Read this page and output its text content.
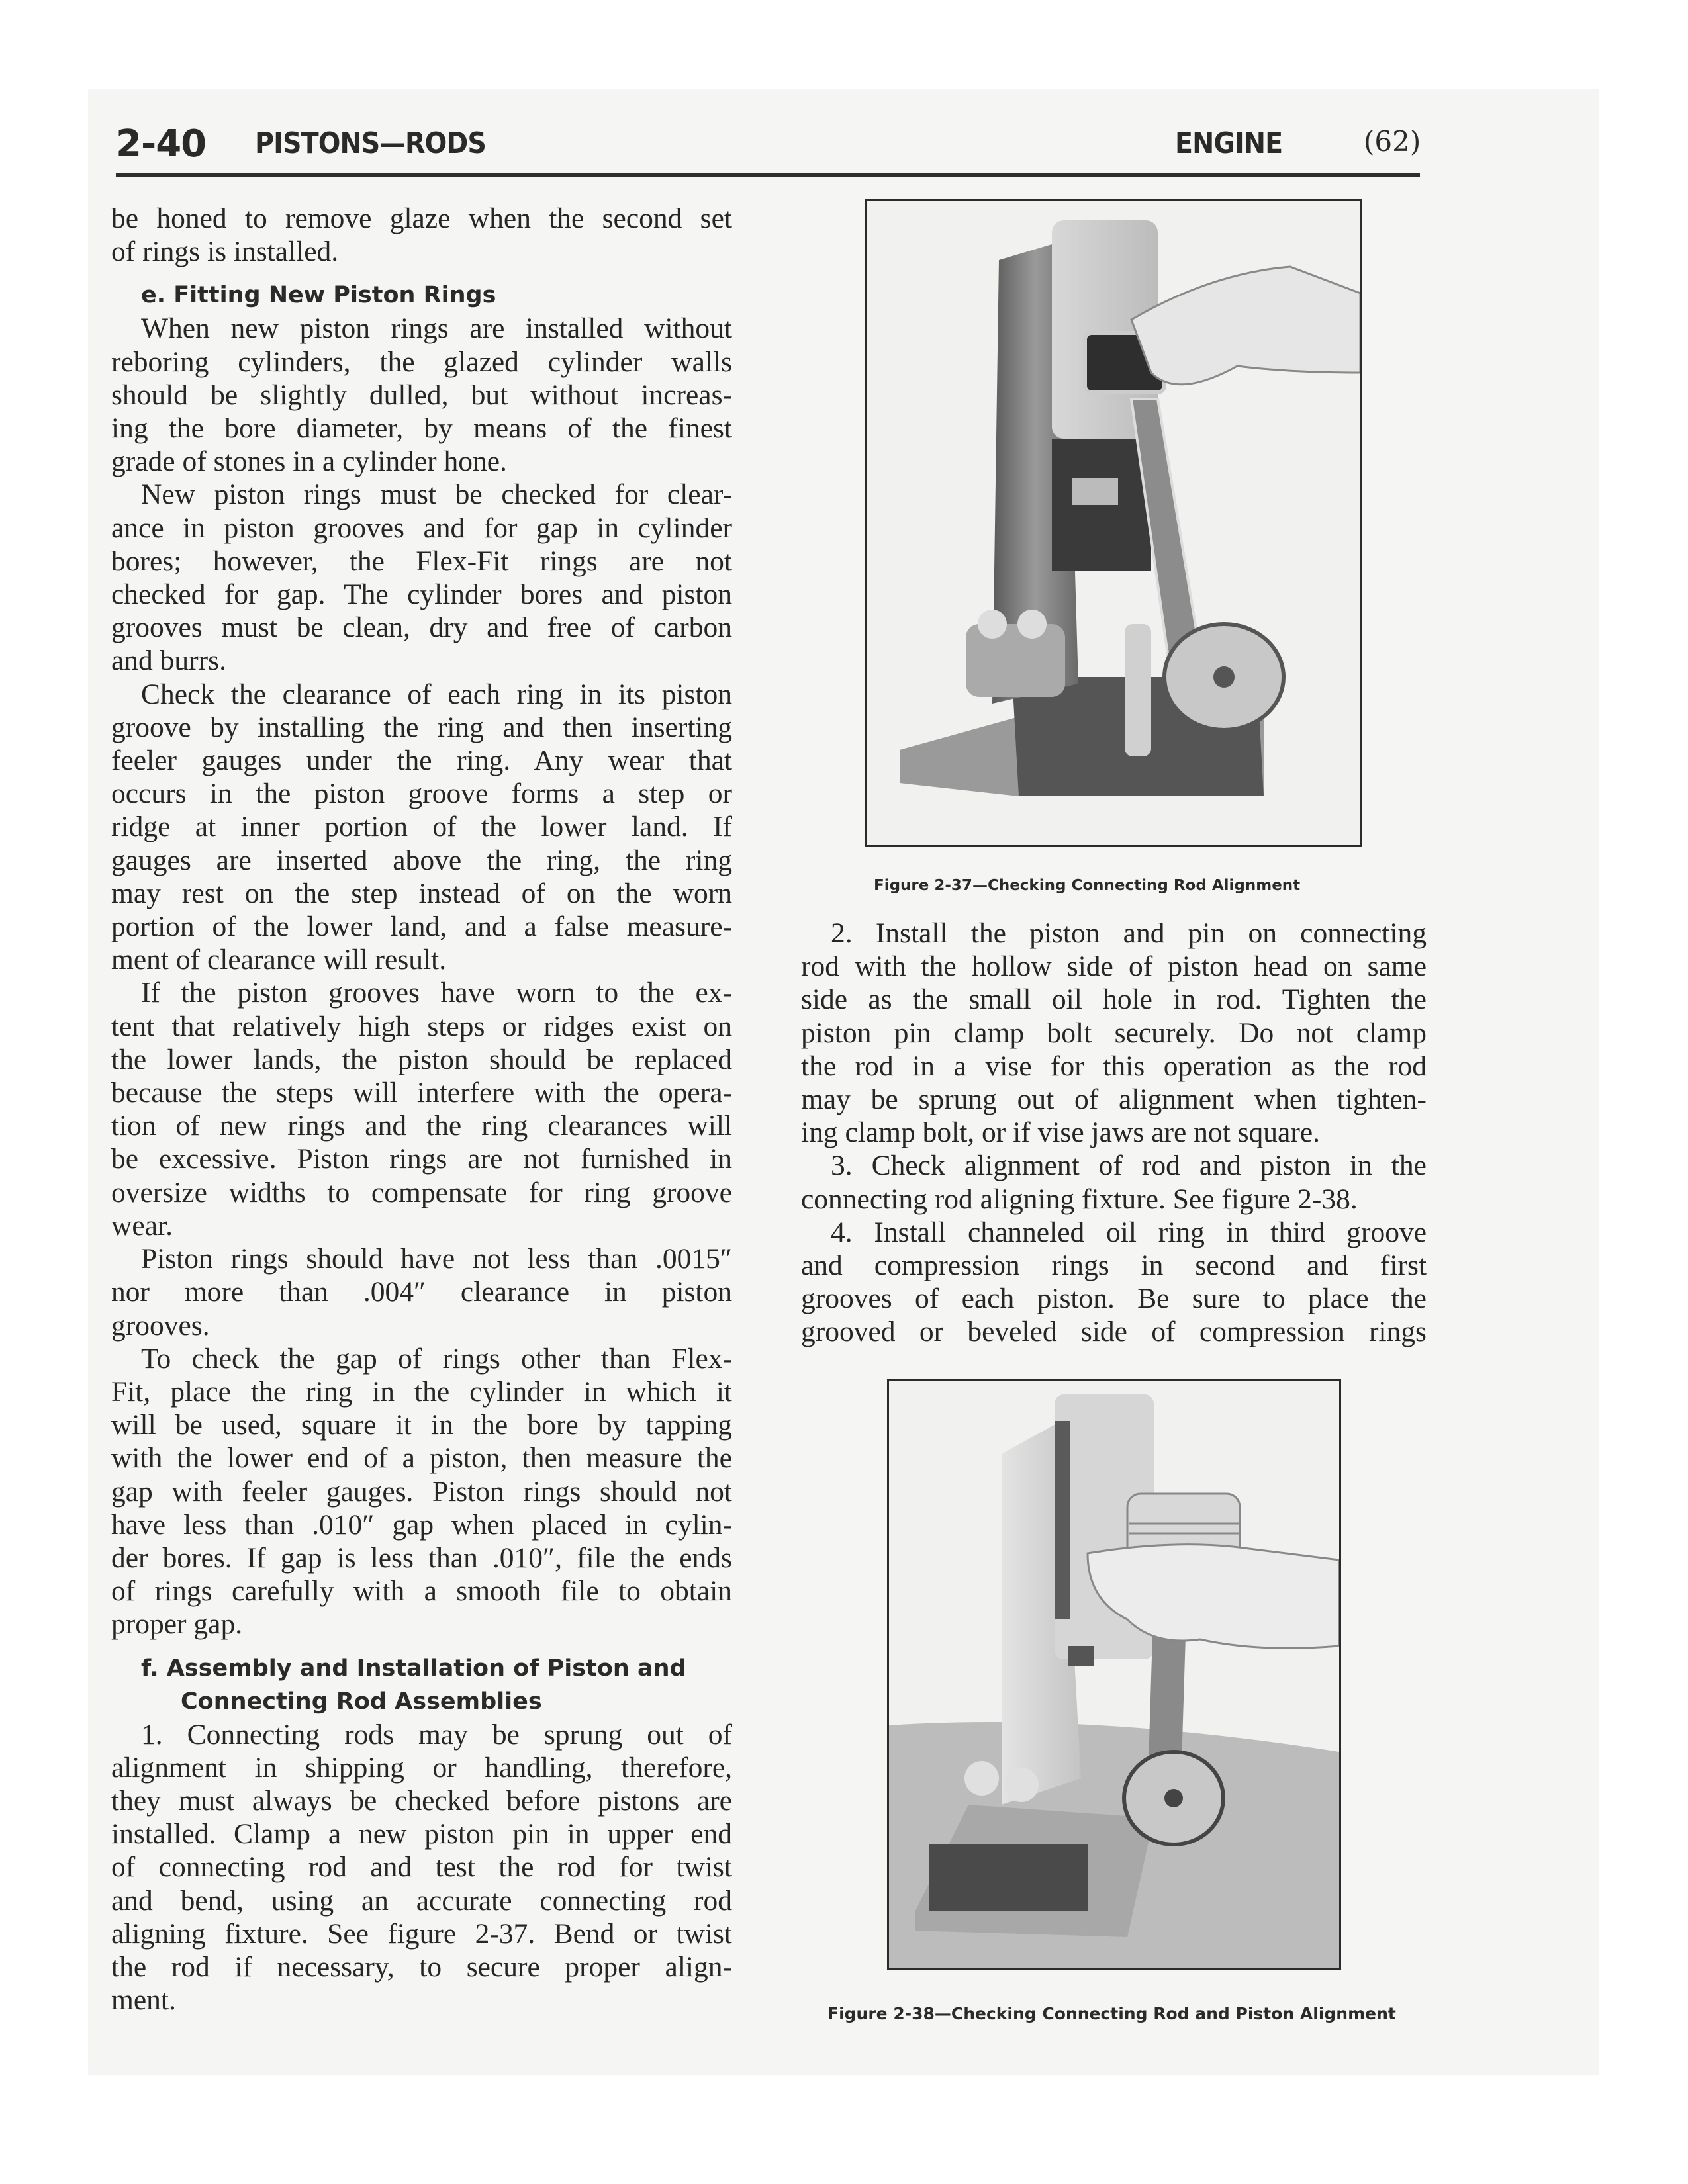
2-40 PISTONS—RODS	ENGINE	(62)
be honed to remove glaze when the second set
of rings is installed.
e. Fitting New Piston Rings
When new piston rings are installed without
reboring cylinders, the glazed cylinder walls
should be slightly dulled, but without increas-
ing the bore diameter, by means of the finest
grade of stones in a cylinder hone.
New piston rings must be checked for clear-
ance in piston grooves and for gap in cylinder
bores; however, the Flex-Fit rings are not
checked for gap. The cylinder bores and piston
grooves must be clean, dry and free of carbon
and burrs.
Check the clearance of each ring in its piston
groove by installing the ring and then inserting
feeler gauges under the ring. Any wear that
occurs in the piston groove forms a step or
ridge at inner portion of the lower land. If
gauges are inserted above the ring, the ring
may rest on the step instead of on the worn
portion of the lower land, and a false measure-
ment of clearance will result.
If the piston grooves have worn to the ex-
tent that relatively high steps or ridges exist on
the lower lands, the piston should be replaced
because the steps will interfere with the opera-
tion of new rings and the ring clearances will
be excessive. Piston rings are not furnished in
oversize widths to compensate for ring groove
wear.
Piston rings should have not less than .0015″
nor more than .004″ clearance in piston
grooves.
To check the gap of rings other than Flex-
Fit, place the ring in the cylinder in which it
will be used, square it in the bore by tapping
with the lower end of a piston, then measure the
gap with feeler gauges. Piston rings should not
have less than .010″ gap when placed in cylin-
der bores. If gap is less than .010″, file the ends
of rings carefully with a smooth file to obtain
proper gap.
f. Assembly and Installation of Piston and
Connecting Rod Assemblies
1. Connecting rods may be sprung out of
alignment in shipping or handling, therefore,
they must always be checked before pistons are
installed. Clamp a new piston pin in upper end
of connecting rod and test the rod for twist
and bend, using an accurate connecting rod
aligning fixture. See figure 2-37. Bend or twist
the rod if necessary, to secure proper align-
ment.
Figure 2-37—Checking Connecting Rod Alignment
2. Install the piston and pin on connecting
rod with the hollow side of piston head on same
side as the small oil hole in rod. Tighten the
piston pin clamp bolt securely. Do not clamp
the rod in a vise for this operation as the rod
may be sprung out of alignment when tighten-
ing clamp bolt, or if vise jaws are not square.
3. Check alignment of rod and piston in the
connecting rod aligning fixture. See figure 2-38.
4. Install channeled oil ring in third groove
and compression rings in second and first
grooves of each piston. Be sure to place the
grooved or beveled side of compression rings
Figure 2-38—Checking Connecting Rod and Piston Alignment
